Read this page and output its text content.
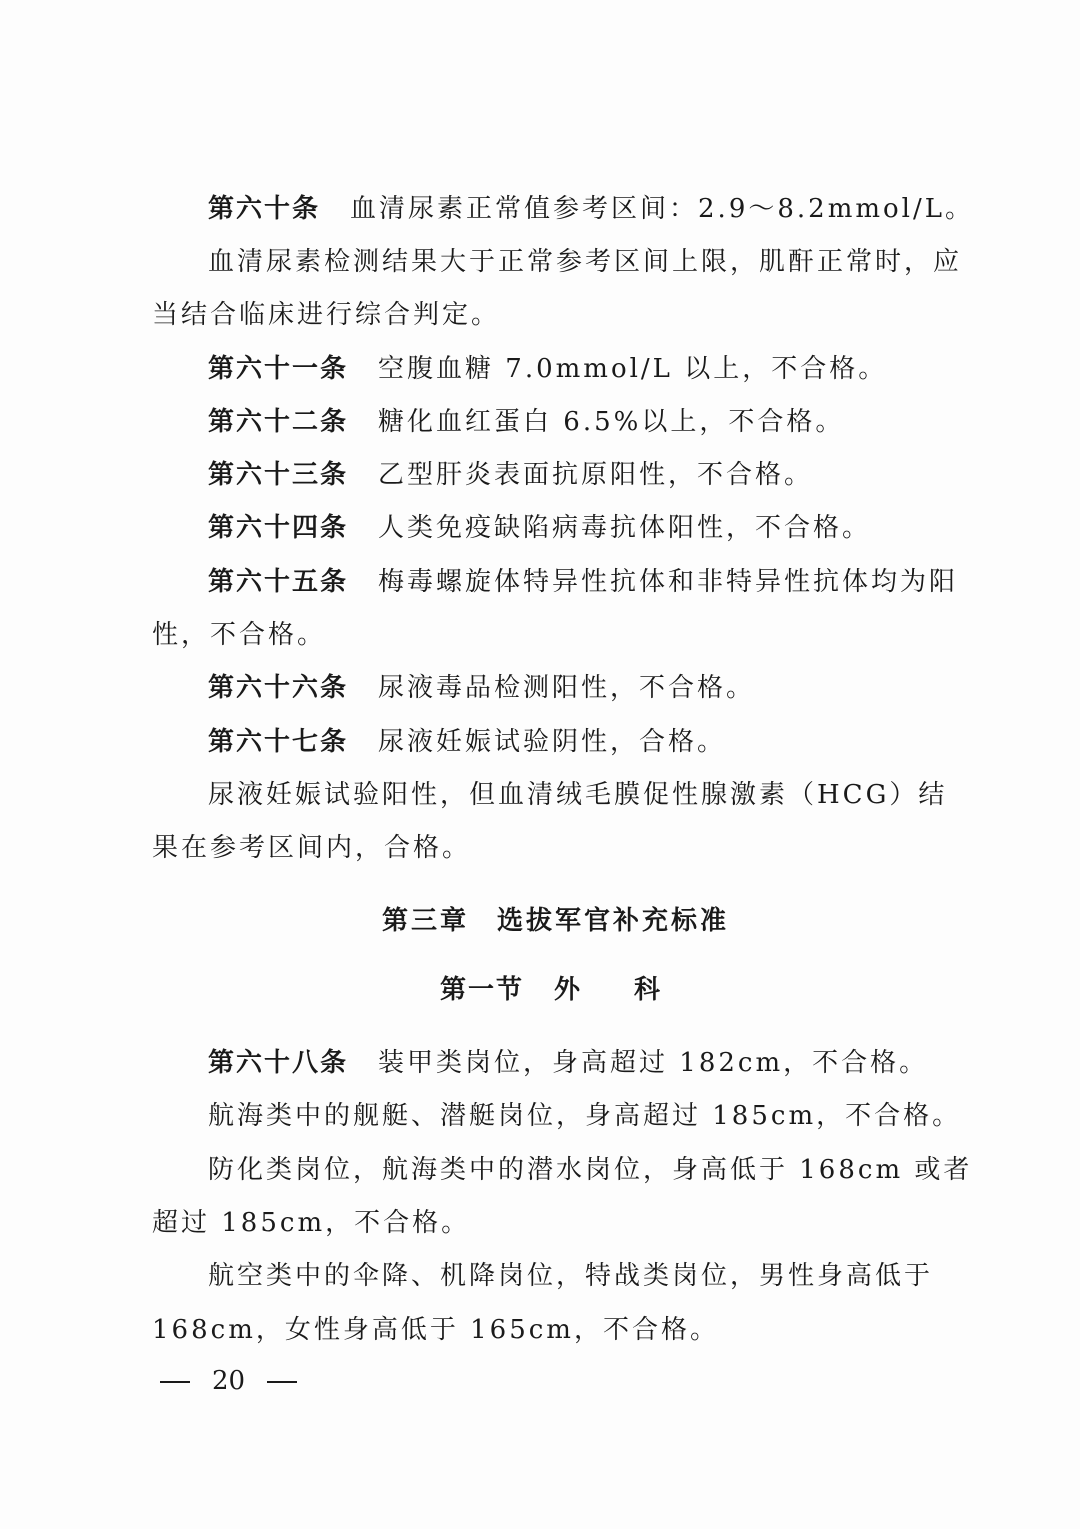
第六十条 血清尿素正常值参考区间：2.9～8.2mmol/L。
血清尿素检测结果大于正常参考区间上限，肌酐正常时，应
当结合临床进行综合判定。
第六十一条 空腹血糖 7.0mmol/L 以上，不合格。
第六十二条 糖化血红蛋白 6.5%以上，不合格。
第六十三条 乙型肝炎表面抗原阳性，不合格。
第六十四条 人类免疫缺陷病毒抗体阳性，不合格。
第六十五条 梅毒螺旋体特异性抗体和非特异性抗体均为阳
性，不合格。
第六十六条 尿液毒品检测阳性，不合格。
第六十七条 尿液妊娠试验阴性，合格。
尿液妊娠试验阳性，但血清绒毛膜促性腺激素（HCG）结
果在参考区间内，合格。
第三章 选拔军官补充标准
第一节 外 科
第六十八条 装甲类岗位，身高超过 182cm，不合格。
航海类中的舰艇、潜艇岗位，身高超过 185cm，不合格。
防化类岗位，航海类中的潜水岗位，身高低于 168cm 或者
超过 185cm，不合格。
航空类中的伞降、机降岗位，特战类岗位，男性身高低于
168cm，女性身高低于 165cm，不合格。
20
